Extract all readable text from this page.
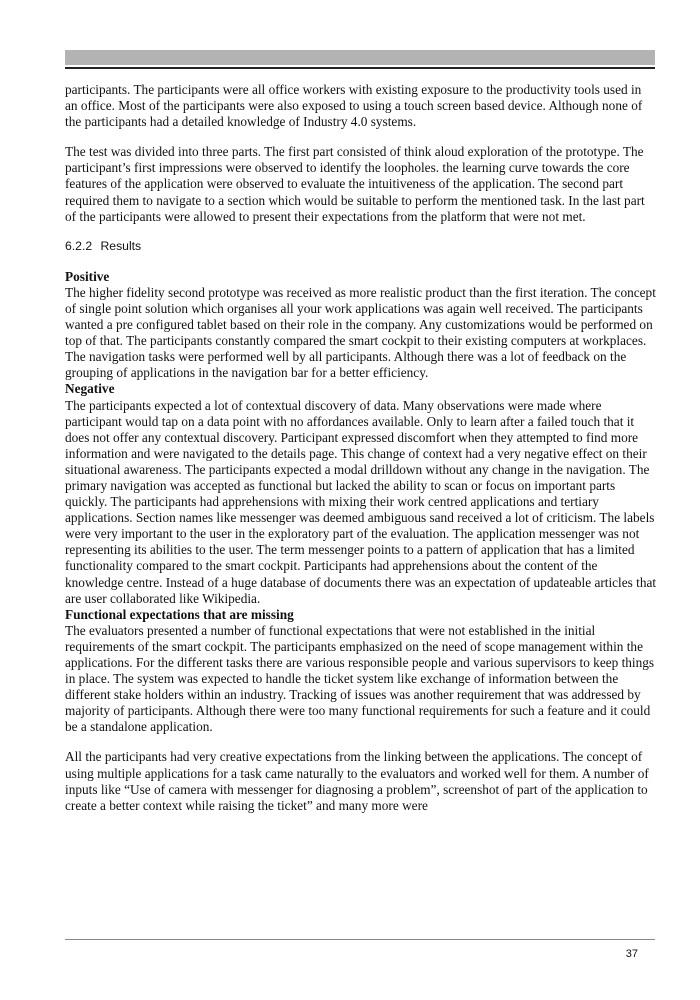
participants. The participants were all office workers with existing exposure to the productivity tools used in an office. Most of the participants were also exposed to using a touch screen based device. Although none of the participants had a detailed knowledge of Industry 4.0 systems.

The test was divided into three parts. The first part consisted of think aloud exploration of the prototype. The participant’s first impressions were observed to identify the loopholes. the learning curve towards the core features of the application were observed to evaluate the intuitiveness of the application. The second part required them to navigate to a section which would be suitable to perform the mentioned task. In the last part of the participants were allowed to present their expectations from the platform that were not met.

6.2.2 Results

Positive

The higher fidelity second prototype was received as more realistic product than the first iteration. The concept of single point solution which organises all your work applications was again well received. The participants wanted a pre configured tablet based on their role in the company. Any customizations would be performed on top of that. The participants constantly compared the smart cockpit to their existing computers at workplaces. The navigation tasks were performed well by all participants. Although there was a lot of feedback on the grouping of applications in the navigation bar for a better efficiency.

Negative

The participants expected a lot of contextual discovery of data. Many observations were made where participant would tap on a data point with no affordances available. Only to learn after a failed touch that it does not offer any contextual discovery. Participant expressed discomfort when they attempted to find more information and were navigated to the details page. This change of context had a very negative effect on their situational awareness. The participants expected a modal drilldown without any change in the navigation. The primary navigation was accepted as functional but lacked the ability to scan or focus on important parts quickly. The participants had apprehensions with mixing their work centred applications and tertiary applications. Section names like messenger was deemed ambiguous sand received a lot of criticism. The labels were very important to the user in the exploratory part of the evaluation. The application messenger was not representing its abilities to the user. The term messenger points to a pattern of application that has a limited functionality compared to the smart cockpit. Participants had apprehensions about the content of the knowledge centre. Instead of a huge database of documents there was an expectation of updateable articles that are user collaborated like Wikipedia.

Functional expectations that are missing

The evaluators presented a number of functional expectations that were not established in the initial requirements of the smart cockpit. The participants emphasized on the need of scope management within the applications. For the different tasks there are various responsible people and various supervisors to keep things in place. The system was expected to handle the ticket system like exchange of information between the different stake holders within an industry. Tracking of issues was another requirement that was addressed by majority of participants. Although there were too many functional requirements for such a feature and it could be a standalone application.

All the participants had very creative expectations from the linking between the applications. The concept of using multiple applications for a task came naturally to the evaluators and worked well for them. A number of inputs like “Use of camera with messenger for diagnosing a problem”, screenshot of part of the application to create a better context while raising the ticket” and many more were

37
